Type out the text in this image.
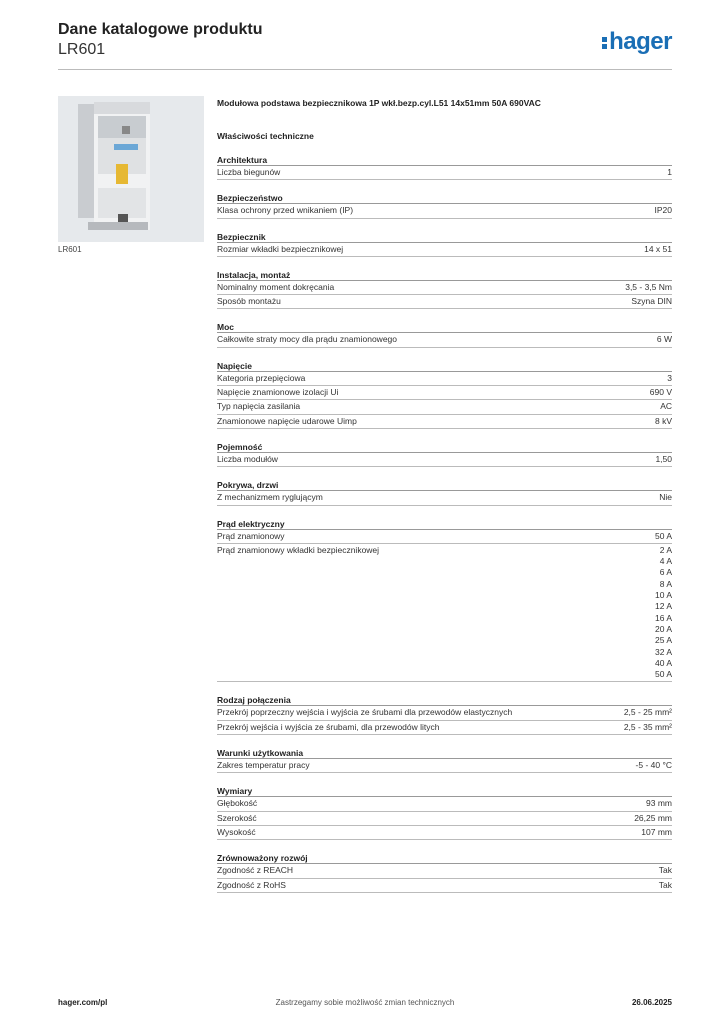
Dane katalogowe produktu
LR601	hager
LR601
Modułowa podstawa bezpiecznikowa 1P wkł.bezp.cyl.L51 14x51mm 50A 690VAC
Właściwości techniczne
Architektura
Liczba biegunów	1
Bezpieczeństwo
Klasa ochrony przed wnikaniem (IP)	IP20
Bezpiecznik
Rozmiar wkładki bezpiecznikowej	14 x 51
Instalacja, montaż
Nominalny moment dokręcania	3,5 - 3,5 Nm
Sposób montażu	Szyna DIN
Moc
Całkowite straty mocy dla prądu znamionowego	6 W
Napięcie
Kategoria przepięciowa	3
Napięcie znamionowe izolacji Ui	690 V
Typ napięcia zasilania	AC
Znamionowe napięcie udarowe Uimp	8 kV
Pojemność
Liczba modułów	1,50
Pokrywa, drzwi
Z mechanizmem ryglującym	Nie
Prąd elektryczny
Prąd znamionowy	50 A
Prąd znamionowy wkładki bezpiecznikowej	2 A
4 A
6 A
8 A
10 A
12 A
16 A
20 A
25 A
32 A
40 A
50 A
Rodzaj połączenia
Przekrój poprzeczny wejścia i wyjścia ze śrubami dla przewodów elastycznych	2,5 - 25 mm²
Przekrój wejścia i wyjścia ze śrubami, dla przewodów litych	2,5 - 35 mm²
Warunki użytkowania
Zakres temperatur pracy	-5 - 40 °C
Wymiary
Głębokość	93 mm
Szerokość	26,25 mm
Wysokość	107 mm
Zrównoważony rozwój
Zgodność z REACH	Tak
Zgodność z RoHS	Tak
Zastrzegamy sobie możliwość zmian technicznych
hager.com/pl	26.06.2025
